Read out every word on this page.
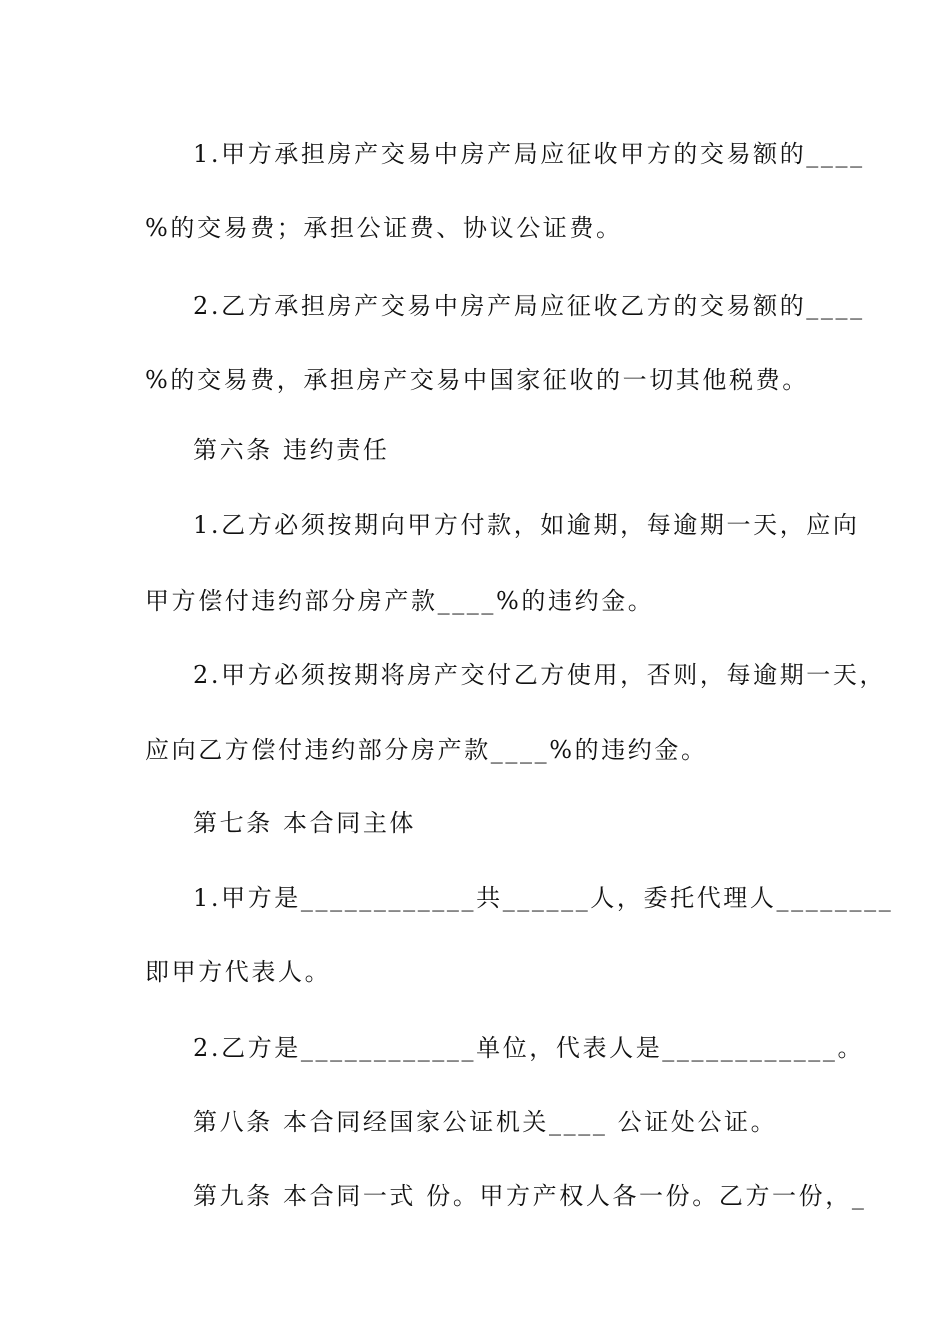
1.甲方承担房产交易中房产局应征收甲方的交易额的____
%的交易费；承担公证费、协议公证费。
2.乙方承担房产交易中房产局应征收乙方的交易额的____
%的交易费，承担房产交易中国家征收的一切其他税费。
第六条 违约责任
1.乙方必须按期向甲方付款，如逾期，每逾期一天，应向
甲方偿付违约部分房产款____%的违约金。
2.甲方必须按期将房产交付乙方使用，否则，每逾期一天，
应向乙方偿付违约部分房产款____%的违约金。
第七条 本合同主体
1.甲方是____________共______人，委托代理人________
即甲方代表人。
2.乙方是____________单位，代表人是____________。
第八条 本合同经国家公证机关____ 公证处公证。
第九条 本合同一式 份。甲方产权人各一份。乙方一份，_
